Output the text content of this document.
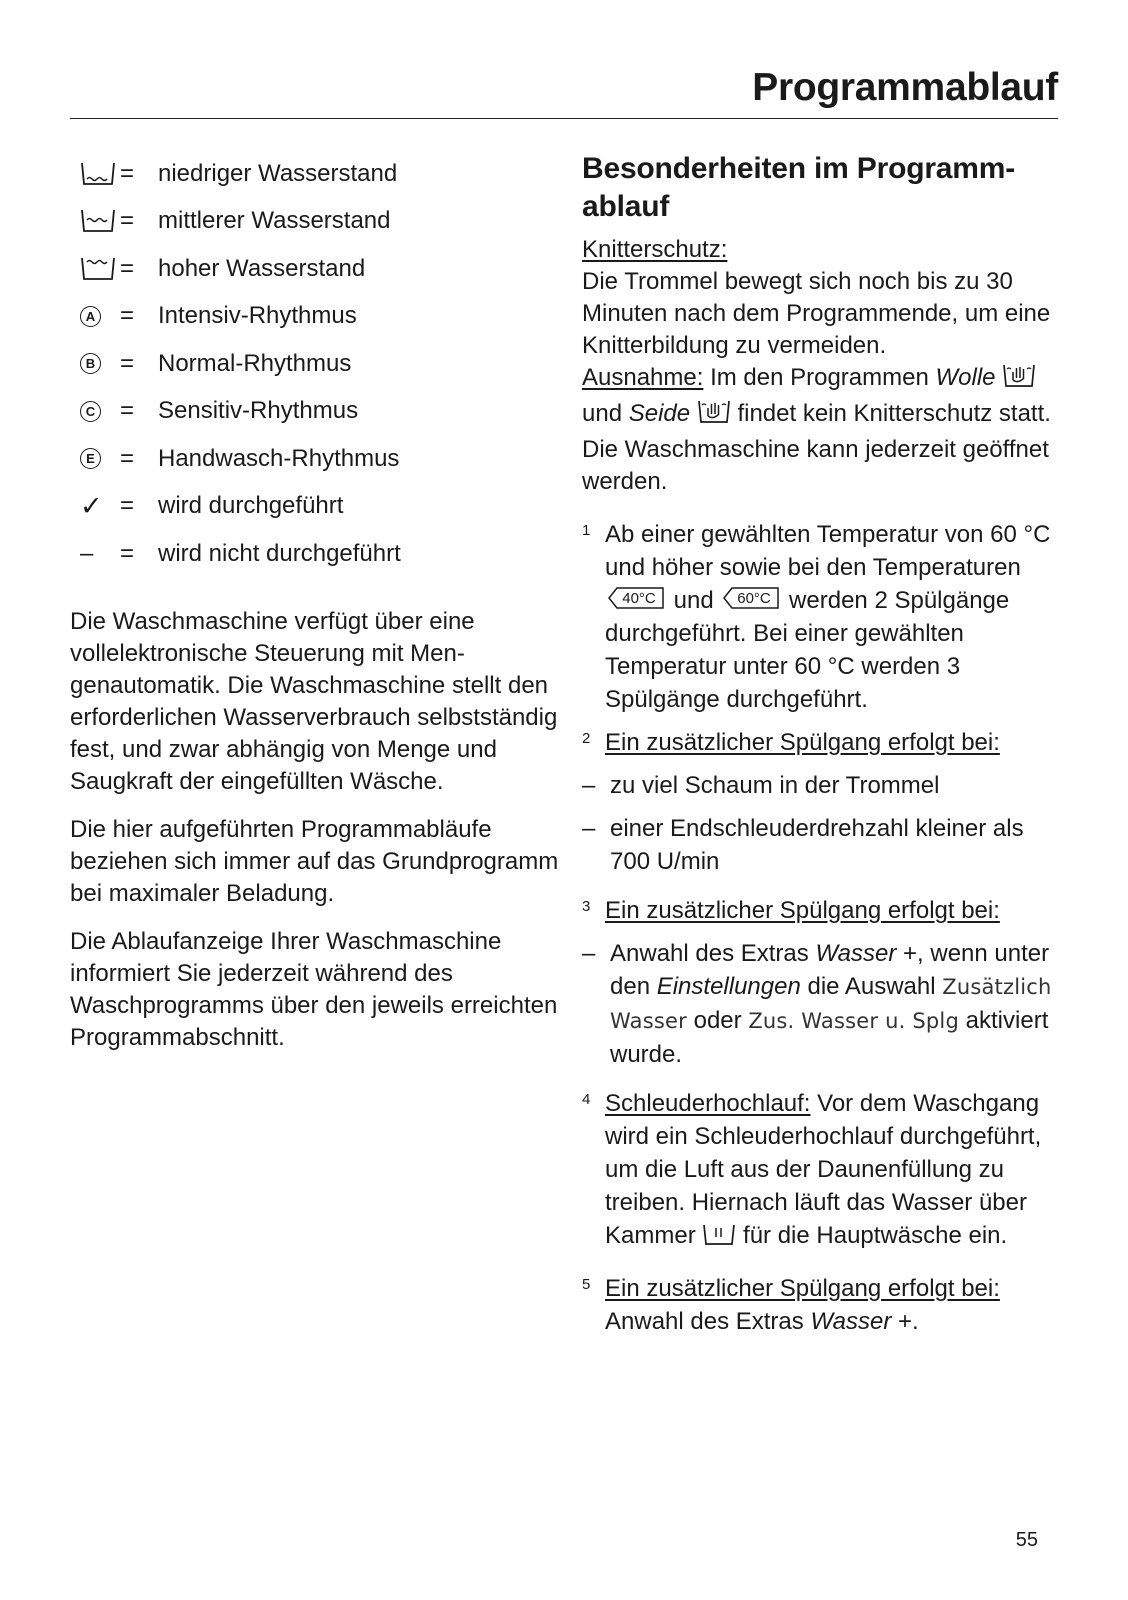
Programmablauf
= niedriger Wasserstand
= mittlerer Wasserstand
= hoher Wasserstand
A = Intensiv-Rhythmus
B = Normal-Rhythmus
C = Sensitiv-Rhythmus
E = Handwasch-Rhythmus
✓ = wird durchgeführt
– = wird nicht durchgeführt

Die Waschmaschine verfügt über eine vollelektronische Steuerung mit Mengenautomatik. Die Waschmaschine stellt den erforderlichen Wasserverbrauch selbstständig fest, und zwar abhängig von Menge und Saugkraft der eingefüllten Wäsche.

Die hier aufgeführten Programmabläufe beziehen sich immer auf das Grundprogramm bei maximaler Beladung.

Die Ablaufanzeige Ihrer Waschmaschine informiert Sie jederzeit während des Waschprogramms über den jeweils erreichten Programmabschnitt.

Besonderheiten im Programmablauf

Knitterschutz:

Die Trommel bewegt sich noch bis zu 30 Minuten nach dem Programmende, um eine Knitterbildung zu vermeiden.

Ausnahme: Im den Programmen Wolle  und Seide  findet kein Knitterschutz statt.

Die Waschmaschine kann jederzeit geöffnet werden.

1 Ab einer gewählten Temperatur von 60 °C und höher sowie bei den Temperaturen
40°C und 60°C werden 2 Spülgänge durchgeführt. Bei einer gewählten Temperatur unter 60 °C werden 3 Spülgänge durchgeführt.
2 Ein zusätzlicher Spülgang erfolgt bei:
– zu viel Schaum in der Trommel
– einer Endschleuderdrehzahl kleiner als 700 U/min
3 Ein zusätzlicher Spülgang erfolgt bei:
– Anwahl des Extras Wasser +, wenn unter den Einstellungen die Auswahl Zusätzlich Wasser oder Zus. Wasser u. Splg aktiviert wurde.
4 Schleuderhochlauf: Vor dem Waschgang wird ein Schleuderhochlauf durchgeführt, um die Luft aus der Daunenfüllung zu treiben. Hiernach läuft das Wasser über Kammer  für die Hauptwäsche ein.
5 Ein zusätzlicher Spülgang erfolgt bei:
Anwahl des Extras Wasser +.

55
